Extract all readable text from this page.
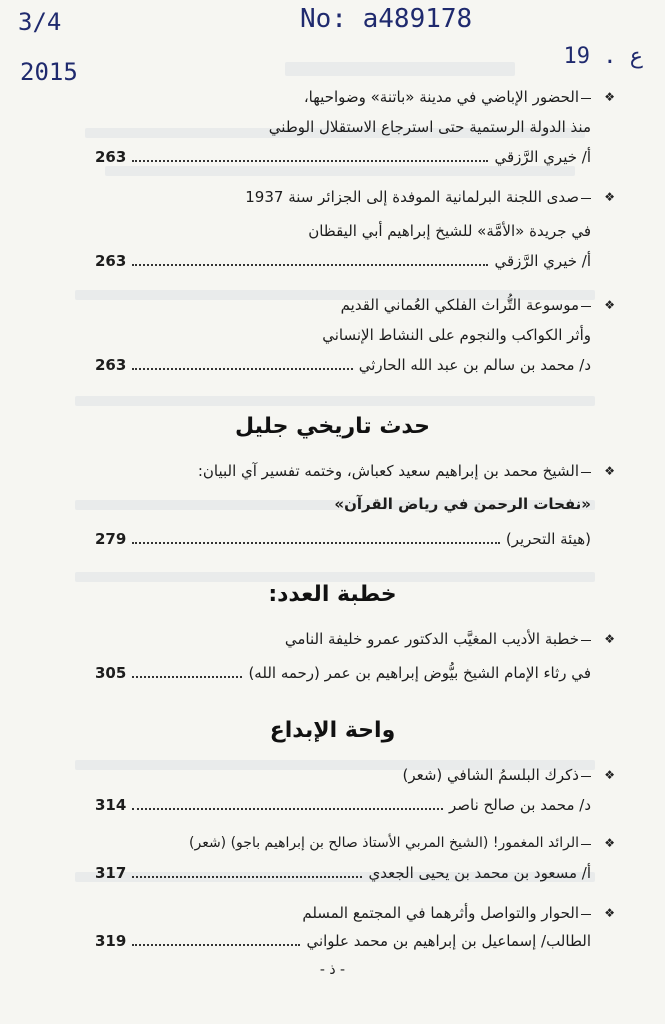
3/4
2015
No: a489178
19 . ع
❖
الحضور الإباضي في مدينة «باتنة» وضواحيها،
منذ الدولة الرستمية حتى استرجاع الاستقلال الوطني
أ/ خيري الرَّزقي
263
❖
صدى اللجنة البرلمانية الموفدة إلى الجزائر سنة 1937
في جريدة «الأمَّة» للشيخ إبراهيم أبي اليقظان
أ/ خيري الرَّزقي
263
❖
موسوعة التُّراث الفلكي العُماني القديم
وأثر الكواكب والنجوم على النشاط الإنساني
د/ محمد بن سالم بن عبد الله الحارثي
263
حدث تاريخي جليل
❖
الشيخ محمد بن إبراهيم سعيد كعباش، وختمه تفسير آي البيان:
(هيئة التحرير)
279
«نفحات الرحمن في رياض القرآن»
خطبة العدد:
❖
خطبة الأديب المغيَّب الدكتور عمرو خليفة النامي
في رثاء الإمام الشيخ بيُّوض إبراهيم بن عمر (رحمه الله)
305
واحة الإبداع
❖
ذكرك البلسمُ الشافي (شعر)
د/ محمد بن صالح ناصر
314
❖
الرائد المغمور! (الشيخ المربي الأستاذ صالح بن إبراهيم باجو) (شعر)
أ/ مسعود بن محمد بن يحيى الجعدي
317
❖
الحوار والتواصل وأثرهما في المجتمع المسلم
الطالب/ إسماعيل بن إبراهيم بن محمد علواني
319
- ذ -
